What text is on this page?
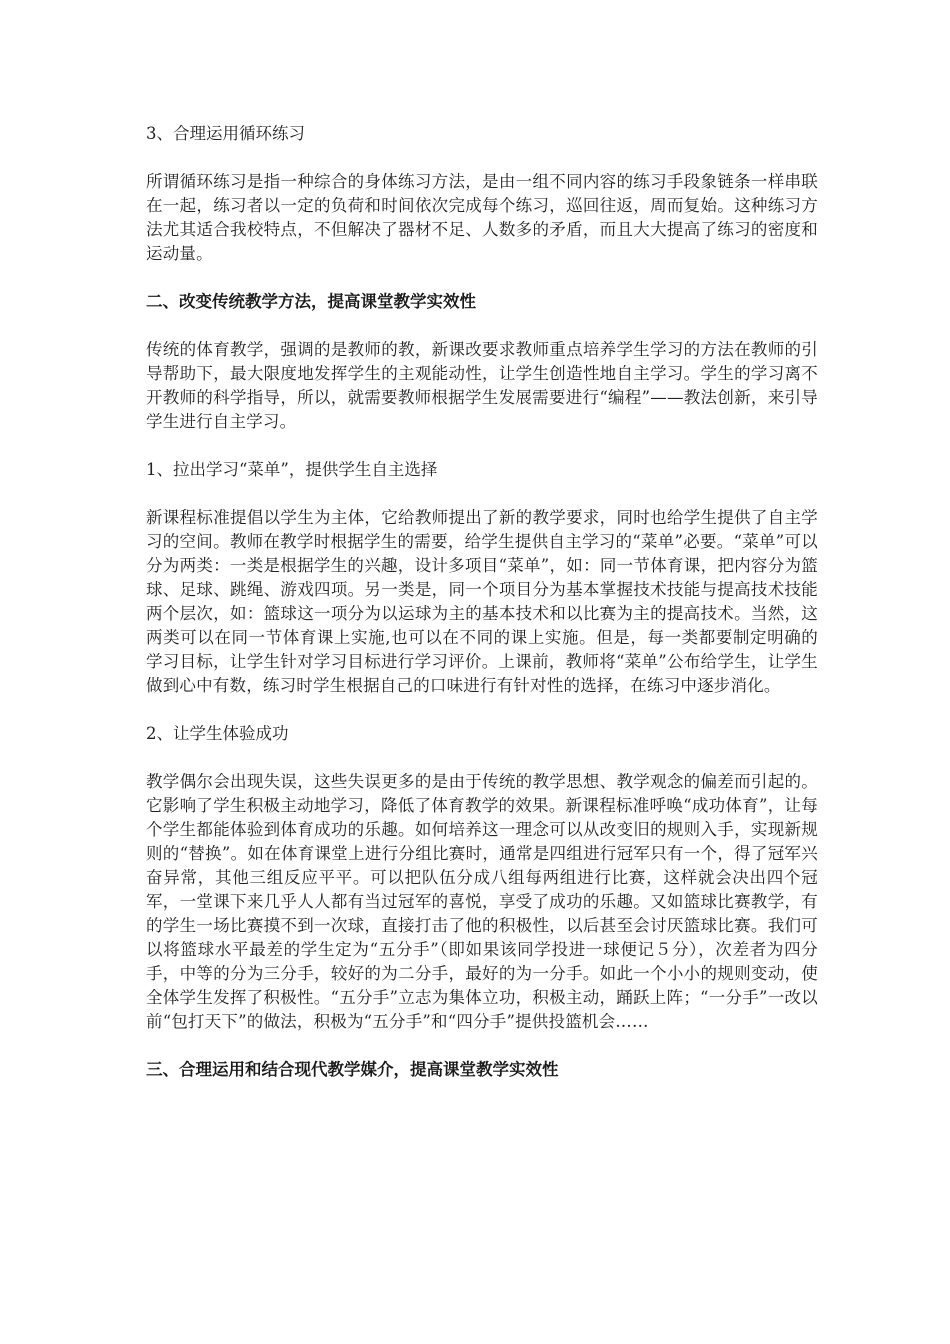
3、合理运用循环练习

所谓循环练习是指一种综合的身体练习方法，是由一组不同内容的练习手段象链条一样串联在一起，练习者以一定的负荷和时间依次完成每个练习，巡回往返，周而复始。这种练习方法尤其适合我校特点，不但解决了器材不足、人数多的矛盾，而且大大提高了练习的密度和运动量。

二、改变传统教学方法，提高课堂教学实效性

传统的体育教学，强调的是教师的教，新课改要求教师重点培养学生学习的方法在教师的引导帮助下，最大限度地发挥学生的主观能动性，让学生创造性地自主学习。学生的学习离不开教师的科学指导，所以，就需要教师根据学生发展需要进行“编程”——教法创新，来引导学生进行自主学习。

1、拉出学习“菜单”，提供学生自主选择

新课程标准提倡以学生为主体，它给教师提出了新的教学要求，同时也给学生提供了自主学习的空间。教师在教学时根据学生的需要，给学生提供自主学习的“菜单”必要。“菜单”可以分为两类：一类是根据学生的兴趣，设计多项目“菜单”，如：同一节体育课，把内容分为篮球、足球、跳绳、游戏四项。另一类是，同一个项目分为基本掌握技术技能与提高技术技能两个层次，如：篮球这一项分为以运球为主的基本技术和以比赛为主的提高技术。当然，这两类可以在同一节体育课上实施,也可以在不同的课上实施。但是，每一类都要制定明确的学习目标，让学生针对学习目标进行学习评价。上课前，教师将“菜单”公布给学生，让学生做到心中有数，练习时学生根据自己的口味进行有针对性的选择，在练习中逐步消化。

2、让学生体验成功

教学偶尔会出现失误，这些失误更多的是由于传统的教学思想、教学观念的偏差而引起的。它影响了学生积极主动地学习，降低了体育教学的效果。新课程标准呼唤“成功体育”，让每个学生都能体验到体育成功的乐趣。如何培养这一理念可以从改变旧的规则入手，实现新规则的“替换”。如在体育课堂上进行分组比赛时，通常是四组进行冠军只有一个，得了冠军兴奋异常，其他三组反应平平。可以把队伍分成八组每两组进行比赛，这样就会决出四个冠军，一堂课下来几乎人人都有当过冠军的喜悦，享受了成功的乐趣。又如篮球比赛教学，有的学生一场比赛摸不到一次球，直接打击了他的积极性，以后甚至会讨厌篮球比赛。我们可以将篮球水平最差的学生定为“五分手”（即如果该同学投进一球便记５分），次差者为四分手，中等的分为三分手，较好的为二分手，最好的为一分手。如此一个小小的规则变动，使全体学生发挥了积极性。“五分手”立志为集体立功，积极主动，踊跃上阵；“一分手”一改以前“包打天下”的做法，积极为“五分手”和“四分手”提供投篮机会……

三、合理运用和结合现代教学媒介，提高课堂教学实效性
